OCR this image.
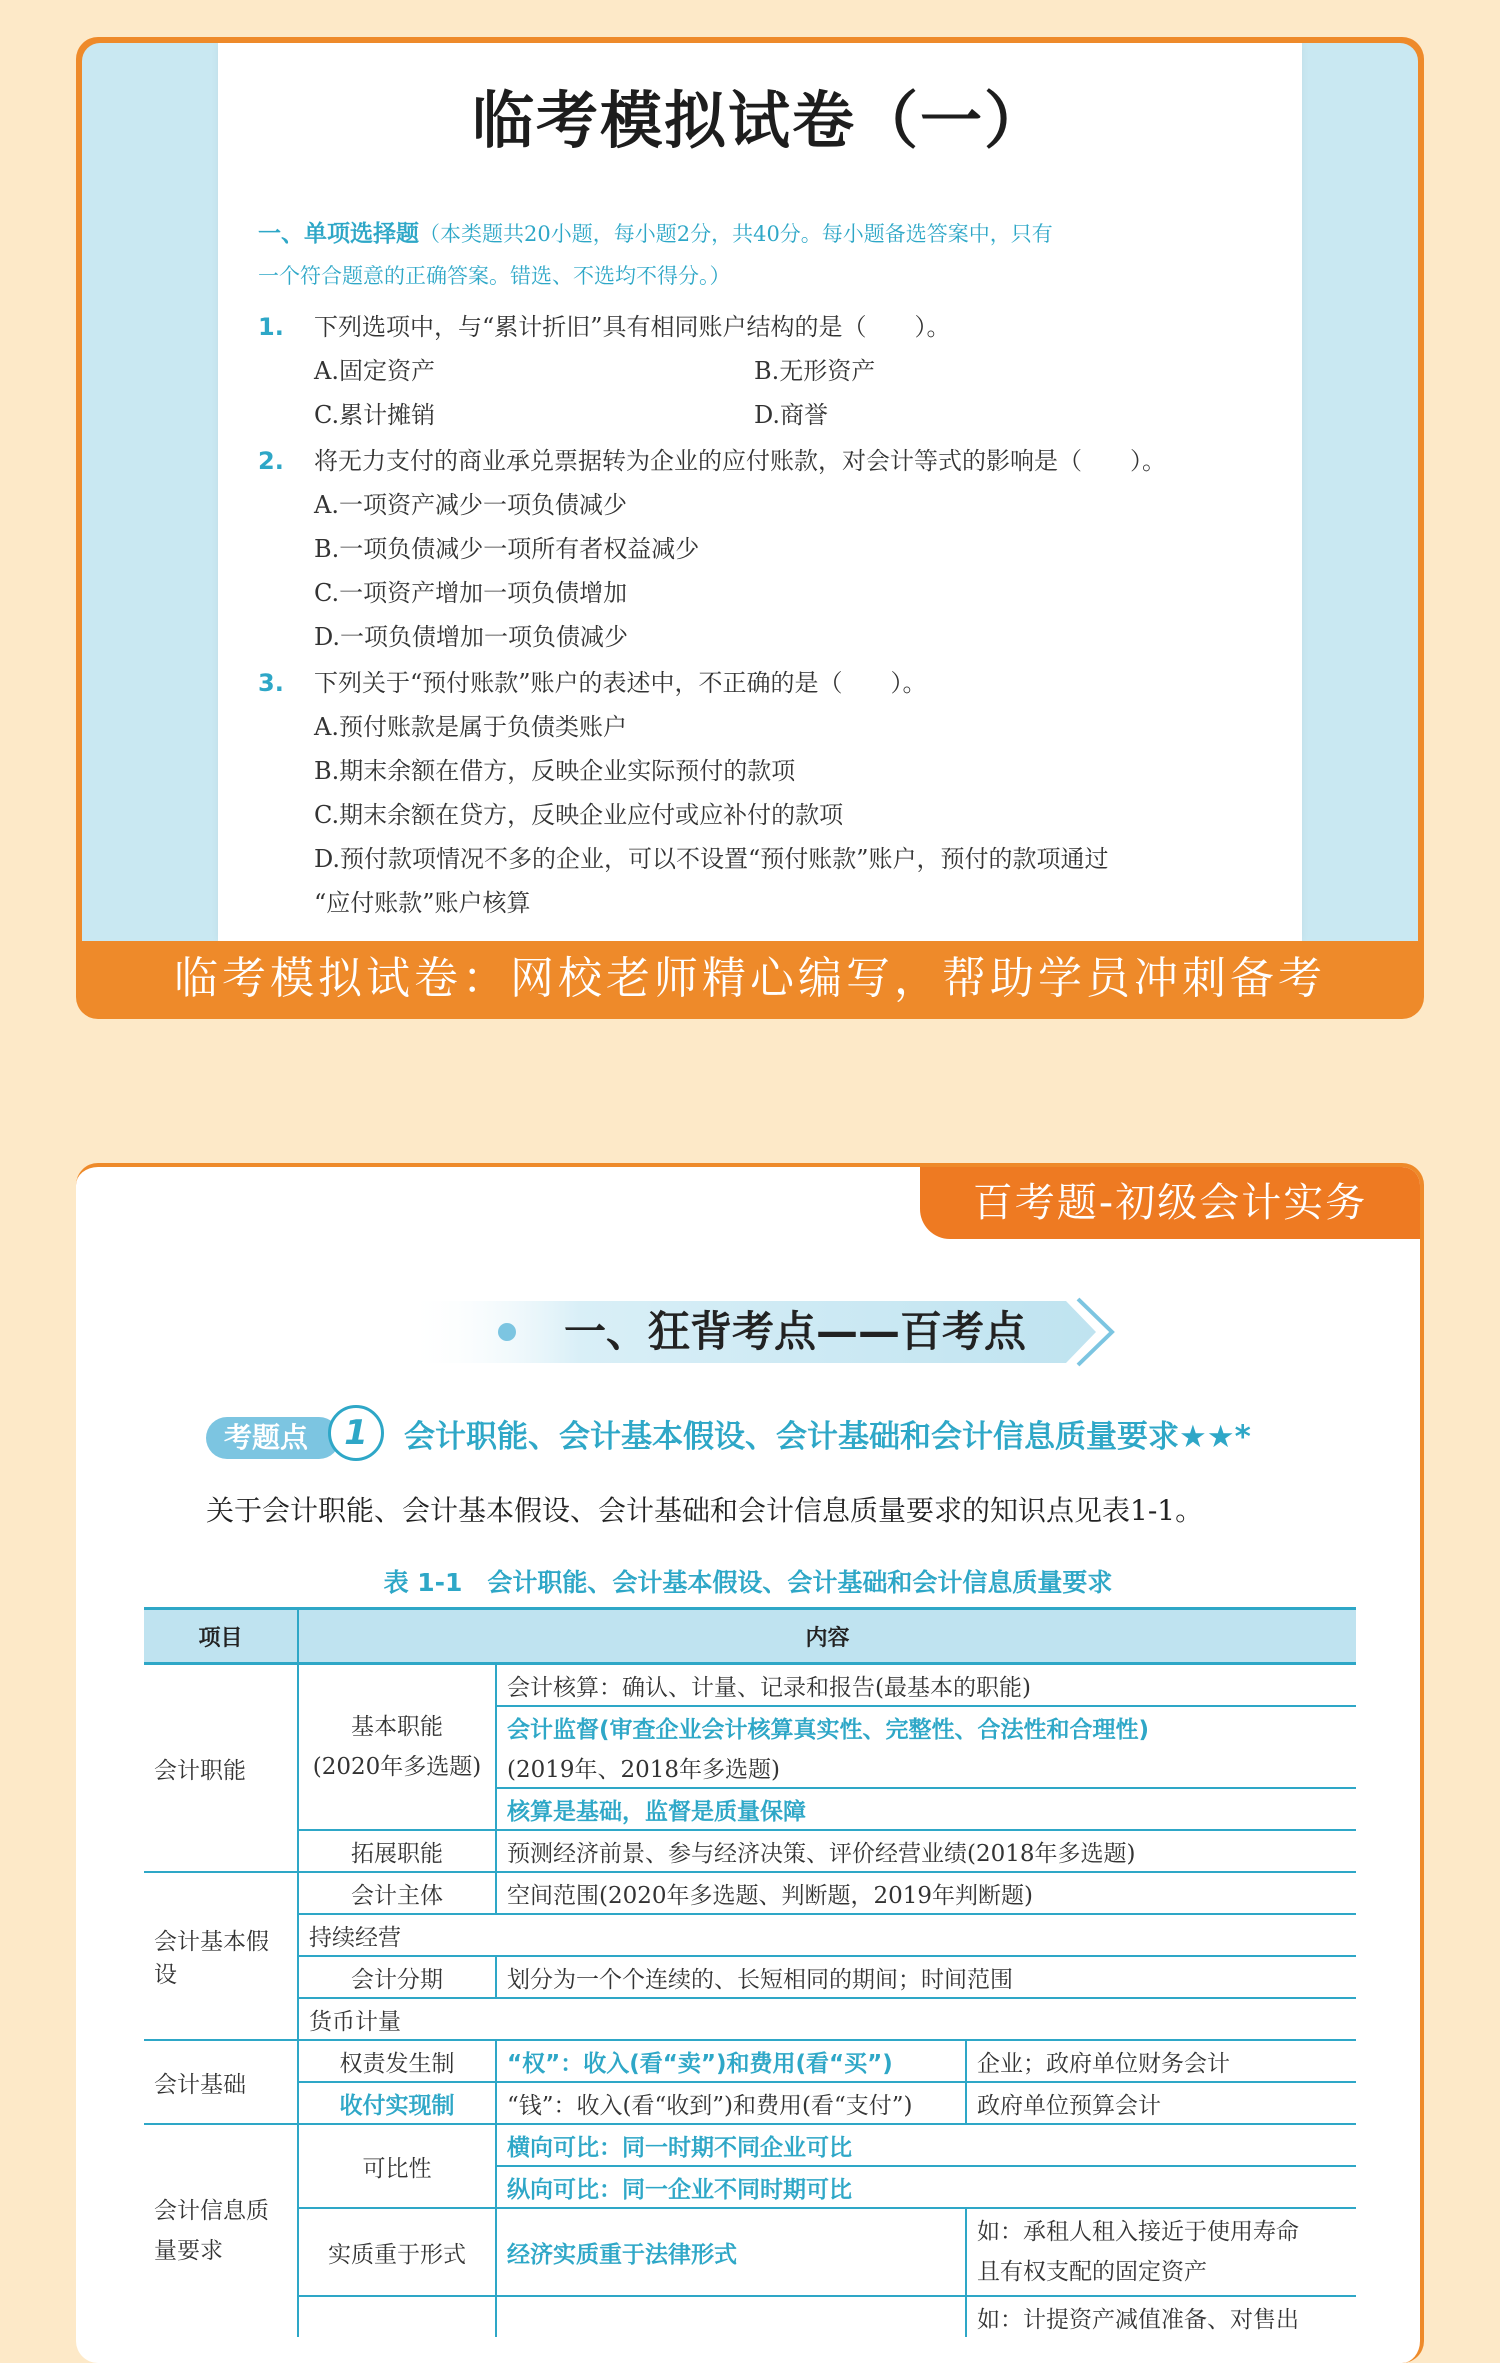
临考模拟试卷（一）
一、单项选择题（本类题共20小题，每小题2分，共40分。每小题备选答案中，只有
一个符合题意的正确答案。错选、不选均不得分。）
1.	下列选项中，与“累计折旧”具有相同账户结构的是（　　）。
A.固定资产	B.无形资产
C.累计摊销	D.商誉
2.	将无力支付的商业承兑票据转为企业的应付账款，对会计等式的影响是（　　）。
A.一项资产减少一项负债减少
B.一项负债减少一项所有者权益减少
C.一项资产增加一项负债增加
D.一项负债增加一项负债减少
3.	下列关于“预付账款”账户的表述中，不正确的是（　　）。
A.预付账款是属于负债类账户
B.期末余额在借方，反映企业实际预付的款项
C.期末余额在贷方，反映企业应付或应补付的款项
D.预付款项情况不多的企业，可以不设置“预付账款”账户，预付的款项通过
“应付账款”账户核算
临考模拟试卷：网校老师精心编写，帮助学员冲刺备考
百考题-初级会计实务
一、狂背考点——百考点
考题点	1	会计职能、会计基本假设、会计基础和会计信息质量要求★★*
关于会计职能、会计基本假设、会计基础和会计信息质量要求的知识点见表1-1。
表 1-1　会计职能、会计基本假设、会计基础和会计信息质量要求
项目	内容		
会计职能	基本职能
(2020年多选题)	会计核算：确认、计量、记录和报告(最基本的职能)	
		会计监督(审查企业会计核算真实性、完整性、合法性和合理性)	
		(2019年、2018年多选题)	
		核算是基础，监督是质量保障	
	拓展职能	预测经济前景、参与经济决策、评价经营业绩(2018年多选题)	
会计基本假设	会计主体	空间范围(2020年多选题、判断题，2019年判断题)	
	持续经营		
	会计分期	划分为一个个连续的、长短相同的期间；时间范围	
	货币计量		
会计基础	权责发生制	“权”：收入(看“卖”)和费用(看“买”)	企业；政府单位财务会计
	收付实现制	“钱”：收入(看“收到”)和费用(看“支付”)	政府单位预算会计
会计信息质量要求	可比性	横向可比：同一时期不同企业可比	
		纵向可比：同一企业不同时期可比	
	实质重于形式	经济实质重于法律形式	如：承租人租入接近于使用寿命
且有权支配的固定资产
			如：计提资产减值准备、对售出
